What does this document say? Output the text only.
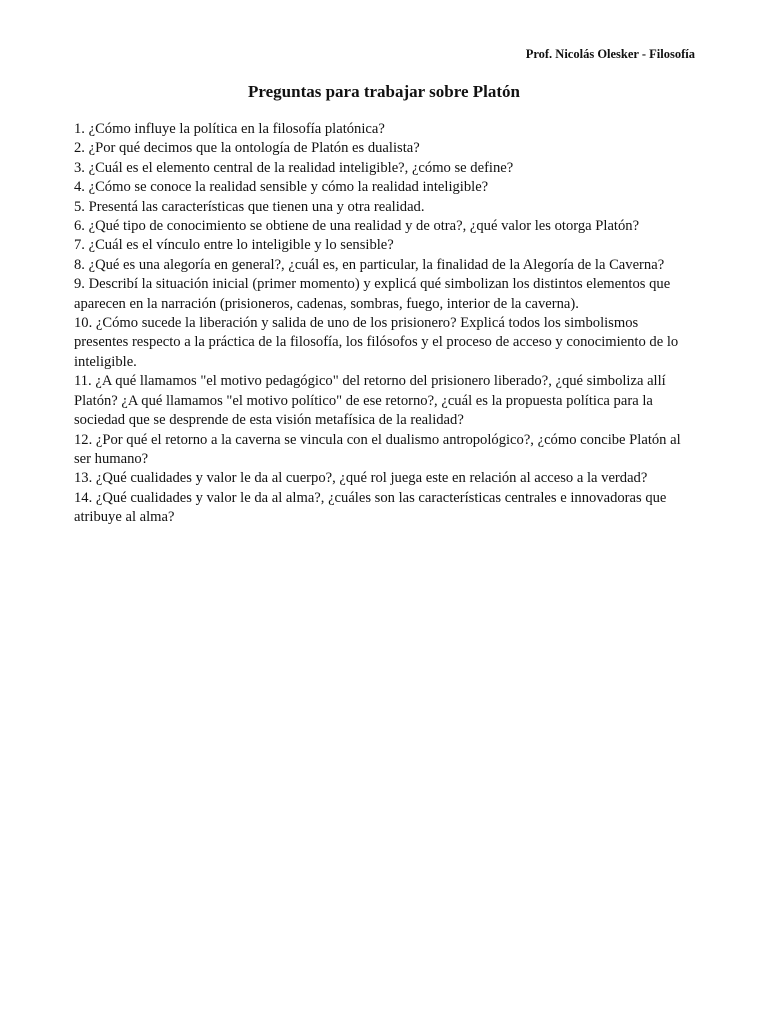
Prof. Nicolás Olesker - Filosofía
Preguntas para trabajar sobre Platón
1. ¿Cómo influye la política en la filosofía platónica?
2. ¿Por qué decimos que la ontología de Platón es dualista?
3. ¿Cuál es el elemento central de la realidad inteligible?, ¿cómo se define?
4. ¿Cómo se conoce la realidad sensible y cómo la realidad inteligible?
5. Presentá las características que tienen una y otra realidad.
6. ¿Qué tipo de conocimiento se obtiene de una realidad y de otra?, ¿qué valor les otorga Platón?
7. ¿Cuál es el vínculo entre lo inteligible y lo sensible?
8. ¿Qué es una alegoría en general?, ¿cuál es, en particular, la finalidad de la Alegoría de la Caverna?
9. Describí la situación inicial (primer momento) y explicá qué simbolizan los distintos elementos que aparecen en la narración (prisioneros, cadenas, sombras, fuego, interior de la caverna).
10. ¿Cómo sucede la liberación y salida de uno de los prisionero? Explicá todos los simbolismos presentes respecto a la práctica de la filosofía, los filósofos y el proceso de acceso y conocimiento de lo inteligible.
11. ¿A qué llamamos "el motivo pedagógico" del retorno del prisionero liberado?, ¿qué simboliza allí Platón? ¿A qué llamamos "el motivo político" de ese retorno?, ¿cuál es la propuesta política para la sociedad que se desprende de esta visión metafísica de la realidad?
12. ¿Por qué el retorno a la caverna se vincula con el dualismo antropológico?, ¿cómo concibe Platón al ser humano?
13. ¿Qué cualidades y valor le da al cuerpo?, ¿qué rol juega este en relación al acceso a la verdad?
14. ¿Qué cualidades y valor le da al alma?, ¿cuáles son las características centrales e innovadoras que atribuye al alma?
